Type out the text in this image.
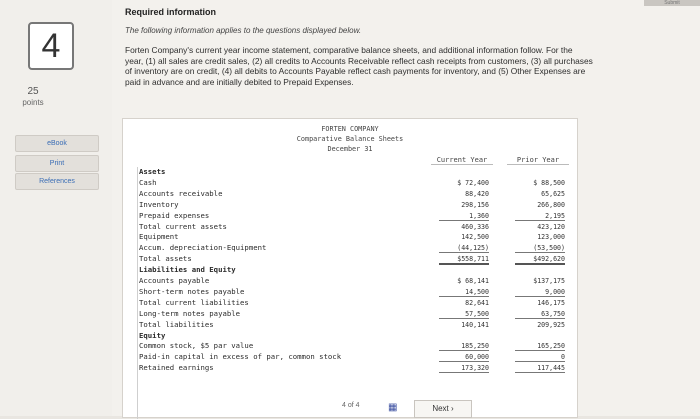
4
25
points
eBook
Print
References
Submit
Required information
The following information applies to the questions displayed below.
Forten Company's current year income statement, comparative balance sheets, and additional information follow. For the year, (1) all sales are credit sales, (2) all credits to Accounts Receivable reflect cash receipts from customers, (3) all purchases of inventory are on credit, (4) all debits to Accounts Payable reflect cash payments for inventory, and (5) Other Expenses are paid in advance and are initially debited to Prepaid Expenses.
FORTEN COMPANY
Comparative Balance Sheets
December 31
Current Year	Prior Year
Assets
Cash	$ 72,400	$ 88,500
Accounts receivable	88,420	65,625
Inventory	298,156	266,800
Prepaid expenses	1,360	2,195
Total current assets	460,336	423,120
Equipment	142,500	123,000
Accum. depreciation-Equipment	(44,125)	(53,500)
Total assets	$558,711	$492,620
Liabilities and Equity
Accounts payable	$ 68,141	$137,175
Short-term notes payable	14,500	9,000
Total current liabilities	82,641	146,175
Long-term notes payable	57,500	63,750
Total liabilities	140,141	209,925
Equity
Common stock, $5 par value	185,250	165,250
Paid-in capital in excess of par, common stock	60,000	0
Retained earnings	173,320	117,445
4 of 4	▦	Next ›
